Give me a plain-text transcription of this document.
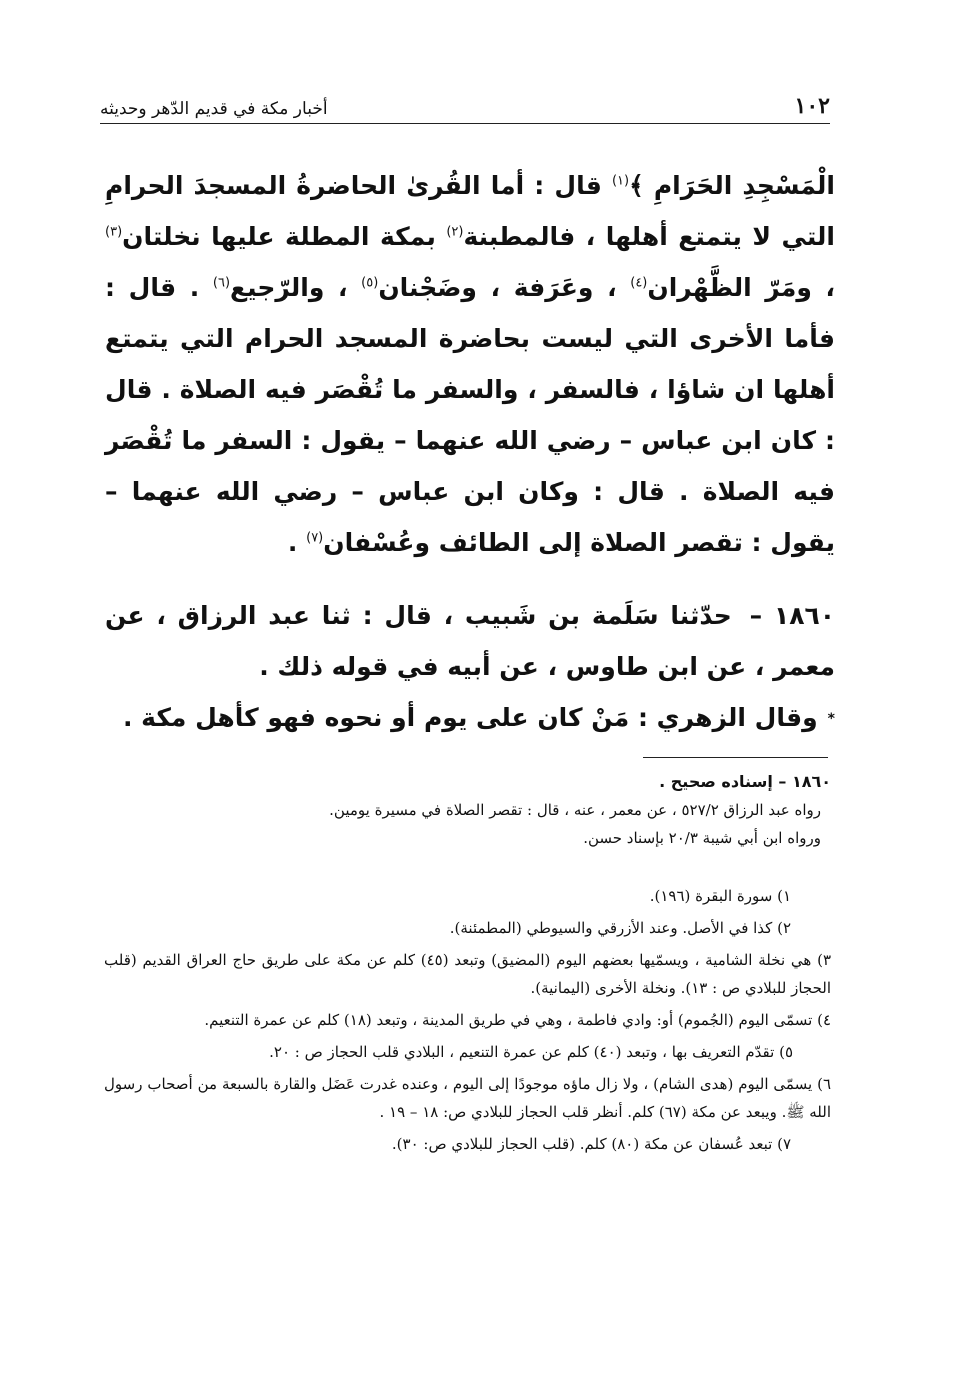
١٠٢
أخبار مكة في قديم الدّهر وحديثه

الْمَسْجِدِ الحَرَامِ ﴾$^{(١)}$ قال : أما القُرىٰ الحاضرةُ المسجدَ الحرامِ التي لا يتمتع أهلها ، فالمطبنة$^{(٢)}$ بمكة المطلة عليها نخلتان$^{(٣)}$ ، ومَرّ الظَّهْران$^{(٤)}$ ، وعَرَفة ، وضَجْنان$^{(٥)}$ ، والرّجيع$^{(٦)}$ . قال : فأما الأخرى التي ليست بحاضرة المسجد الحرام التي يتمتع أهلها ان شاؤا ، فالسفر ، والسفر ما تُقْصَر فيه الصلاة . قال : كان ابن عباس – رضي الله عنهما – يقول : السفر ما تُقْصَر فيه الصلاة . قال : وكان ابن عباس – رضي الله عنهما – يقول : تقصر الصلاة إلى الطائف وعُسْفان$^{(٧)}$ .

١٨٦٠ – حدّثنا سَلَمة بن شَبيب ، قال : ثنا عبد الرزاق ، عن معمر ، عن ابن طاوس ، عن أبيه في قوله ذلك .

*وقال الزهري : مَنْ كان على يوم أو نحوه فهو كأهل مكة .

١٨٦٠ – إسناده صحيح .

رواه عبد الرزاق ٥٢٧/٢ ، عن معمر ، عنه ، قال : تقصر الصلاة في مسيرة يومين.

ورواه ابن أبي شيبة ٢٠/٣ بإسناد حسن.

١) سورة البقرة (١٩٦).

٢) كذا في الأصل. وعند الأزرقي والسيوطي (المطمئنة).

٣) هي نخلة الشامية ، ويسمّيها بعضهم اليوم (المضيق) وتبعد (٤٥) كلم عن مكة على طريق حاج العراق القديم (قلب الحجاز للبلادي ص : ١٣). ونخلة الأخرى (اليمانية).

٤) تسمّى اليوم (الجُموم) أو: وادي فاطمة ، وهي في طريق المدينة ، وتبعد (١٨) كلم عن عمرة التنعيم.

٥) تقدّم التعريف بها ، وتبعد (٤٠) كلم عن عمرة التنعيم ، البلادي قلب الحجاز ص : ٢٠.

٦) يسمّى اليوم (هدى الشام) ، ولا زال ماؤه موجودًا إلى اليوم ، وعنده غدرت عَضَل والقارة بالسبعة من أصحاب رسول الله ﷺ. ويبعد عن مكة (٦٧) كلم. أنظر قلب الحجاز للبلادي ص: ١٨ – ١٩ .

٧) تبعد عُسفان عن مكة (٨٠) كلم. (قلب الحجاز للبلادي ص: ٣٠).
